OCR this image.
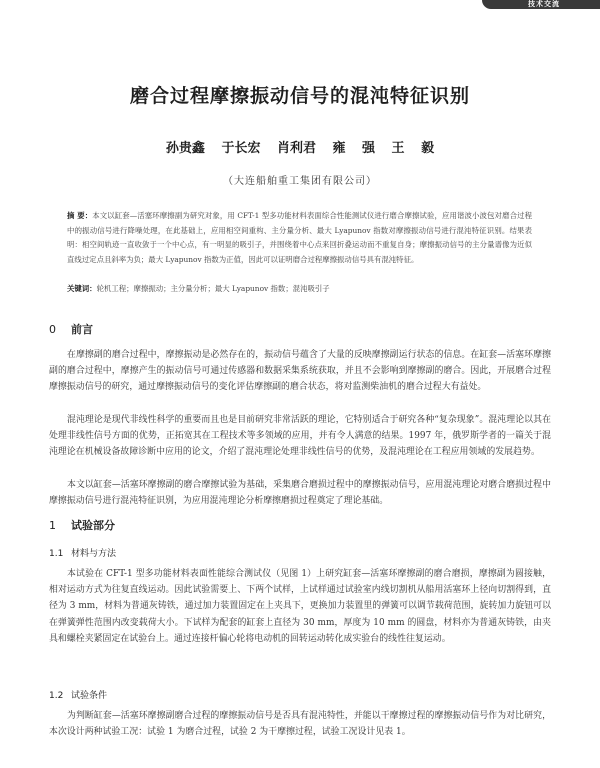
技术交流
磨合过程摩擦振动信号的混沌特征识别
孙贵鑫 于长宏 肖利君 雍 强 王 毅
（大连船舶重工集团有限公司）
摘 要：本文以缸套—活塞环摩擦副为研究对象，用 CFT-1 型多功能材料表面综合性能测试仪进行磨合摩擦试验，应用谐波小波包对磨合过程中的振动信号进行降噪处理，在此基础上，应用相空间重构、主分量分析、最大 Lyapunov 指数对摩擦振动信号进行混沌特征识别。结果表明：相空间轨迹一直收敛于一个中心点，有一明显的吸引子，并围绕着中心点来回折叠运动而不重复自身；摩擦振动信号的主分量谱像为近似直线过定点且斜率为负；最大 Lyapunov 指数为正值，因此可以证明磨合过程摩擦振动信号具有混沌特征。
关键词：轮机工程；摩擦振动；主分量分析；最大 Lyapunov 指数；混沌吸引子
0 前言
在摩擦副的磨合过程中，摩擦振动是必然存在的，振动信号蕴含了大量的反映摩擦副运行状态的信息。在缸套—活塞环摩擦副的磨合过程中，摩擦产生的振动信号可通过传感器和数据采集系统获取，并且不会影响到摩擦副的磨合。因此，开展磨合过程摩擦振动信号的研究，通过摩擦振动信号的变化评估摩擦副的磨合状态，将对监测柴油机的磨合过程大有益处。
混沌理论是现代非线性科学的重要而且也是目前研究非常活跃的理论，它特别适合于研究各种“复杂现象”。混沌理论以其在处理非线性信号方面的优势，正拓宽其在工程技术等多领域的应用，并有令人满意的结果。1997 年，俄罗斯学者的一篇关于混沌理论在机械设备故障诊断中应用的论文，介绍了混沌理论处理非线性信号的优势，及混沌理论在工程应用领域的发展趋势。
本文以缸套—活塞环摩擦副的磨合摩擦试验为基础，采集磨合磨损过程中的摩擦振动信号，应用混沌理论对磨合磨损过程中摩擦振动信号进行混沌特征识别，为应用混沌理论分析摩擦磨损过程奠定了理论基础。
1 试验部分
1.1 材料与方法
本试验在 CFT-1 型多功能材料表面性能综合测试仪（见图 1）上研究缸套—活塞环摩擦副的磨合磨损，摩擦副为圆接触，相对运动方式为往复直线运动。因此试验需要上、下两个试样，上试样通过试验室内线切割机从船用活塞环上径向切割得到，直径为 3 mm，材料为普通灰铸铁，通过加力装置固定在上夹具下，更换加力装置里的弹簧可以调节载荷范围，旋转加力旋钮可以在弹簧弹性范围内改变载荷大小。下试样为配套的缸套上直径为 30 mm，厚度为 10 mm 的圆盘，材料亦为普通灰铸铁，由夹具和螺栓夹紧固定在试验台上。通过连接杆偏心轮将电动机的回转运动转化成实验台的线性往复运动。
1.2 试验条件
为判断缸套—活塞环摩擦副磨合过程的摩擦振动信号是否具有混沌特性，并能以干摩擦过程的摩擦振动信号作为对比研究，本次设计两种试验工况：试验 1 为磨合过程，试验 2 为干摩擦过程，试验工况设计见表 1。
